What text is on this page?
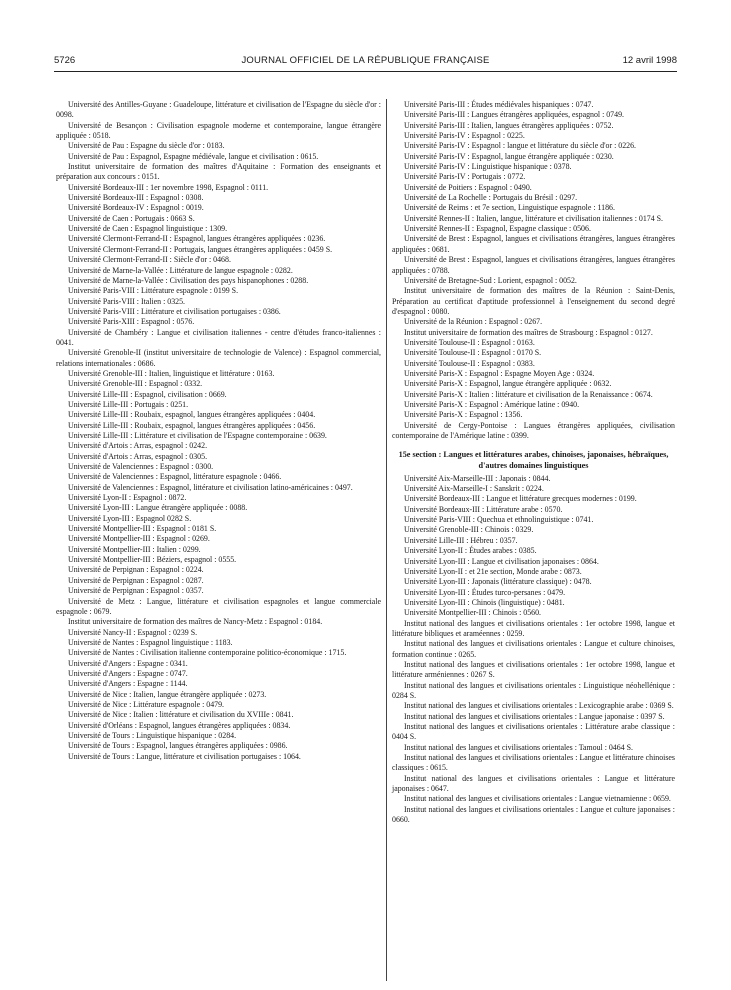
5726	JOURNAL OFFICIEL DE LA RÉPUBLIQUE FRANÇAISE	12 avril 1998

Université des Antilles-Guyane : Guadeloupe, littérature et civilisation de l'Espagne du siècle d'or : 0098.

Université de Besançon : Civilisation espagnole moderne et contemporaine, langue étrangère appliquée : 0518.

Université de Pau : Espagne du siècle d'or : 0183.

Université de Pau : Espagnol, Espagne médiévale, langue et civilisation : 0615.

Institut universitaire de formation des maîtres d'Aquitaine : Formation des enseignants et préparation aux concours : 0151.

Université Bordeaux-III : 1er novembre 1998, Espagnol : 0111.

Université Bordeaux-III : Espagnol : 0308.

Université Bordeaux-IV : Espagnol : 0019.

Université de Caen : Portugais : 0663 S.

Université de Caen : Espagnol linguistique : 1309.

Université Clermont-Ferrand-II : Espagnol, langues étrangères appliquées : 0236.

Université Clermont-Ferrand-II : Portugais, langues étrangères appliquées : 0459 S.

Université Clermont-Ferrand-II : Siècle d'or : 0468.

Université de Marne-la-Vallée : Littérature de langue espagnole : 0282.

Université de Marne-la-Vallée : Civilisation des pays hispanophones : 0288.

Université Paris-VIII : Littérature espagnole : 0199 S.

Université Paris-VIII : Italien : 0325.

Université Paris-VIII : Littérature et civilisation portugaises : 0386.

Université Paris-XIII : Espagnol : 0576.

Université de Chambéry : Langue et civilisation italiennes - centre d'études franco-italiennes : 0041.

Université Grenoble-II (institut universitaire de technologie de Valence) : Espagnol commercial, relations internationales : 0686.

Université Grenoble-III : Italien, linguistique et littérature : 0163.

Université Grenoble-III : Espagnol : 0332.

Université Lille-III : Espagnol, civilisation : 0669.

Université Lille-III : Portugais : 0251.

Université Lille-III : Roubaix, espagnol, langues étrangères appliquées : 0404.

Université Lille-III : Roubaix, espagnol, langues étrangères appliquées : 0456.

Université Lille-III : Littérature et civilisation de l'Espagne contemporaine : 0639.

Université d'Artois : Arras, espagnol : 0242.

Université d'Artois : Arras, espagnol : 0305.

Université de Valenciennes : Espagnol : 0300.

Université de Valenciennes : Espagnol, littérature espagnole : 0466.

Université de Valenciennes : Espagnol, littérature et civilisation latino-américaines : 0497.

Université Lyon-II : Espagnol : 0872.

Université Lyon-III : Langue étrangère appliquée : 0088.

Université Lyon-III : Espagnol 0282 S.

Université Montpellier-III : Espagnol : 0181 S.

Université Montpellier-III : Espagnol : 0269.

Université Montpellier-III : Italien : 0299.

Université Montpellier-III : Béziers, espagnol : 0555.

Université de Perpignan : Espagnol : 0224.

Université de Perpignan : Espagnol : 0287.

Université de Perpignan : Espagnol : 0357.

Université de Metz : Langue, littérature et civilisation espagnoles et langue commerciale espagnole : 0679.

Institut universitaire de formation des maîtres de Nancy-Metz : Espagnol : 0184.

Université Nancy-II : Espagnol : 0239 S.

Université de Nantes : Espagnol linguistique : 1183.

Université de Nantes : Civilisation italienne contemporaine politico-économique : 1715.

Université d'Angers : Espagne : 0341.

Université d'Angers : Espagne : 0747.

Université d'Angers : Espagne : 1144.

Université de Nice : Italien, langue étrangère appliquée : 0273.

Université de Nice : Littérature espagnole : 0479.

Université de Nice : Italien : littérature et civilisation du XVIIIe : 0841.

Université d'Orléans : Espagnol, langues étrangères appliquées : 0834.

Université de Tours : Linguistique hispanique : 0284.

Université de Tours : Espagnol, langues étrangères appliquées : 0986.

Université de Tours : Langue, littérature et civilisation portugaises : 1064.

Université Paris-III : Études médiévales hispaniques : 0747.

Université Paris-III : Langues étrangères appliquées, espagnol : 0749.

Université Paris-III : Italien, langues étrangères appliquées : 0752.

Université Paris-IV : Espagnol : 0225.

Université Paris-IV : Espagnol : langue et littérature du siècle d'or : 0226.

Université Paris-IV : Espagnol, langue étrangère appliquée : 0230.

Université Paris-IV : Linguistique hispanique : 0378.

Université Paris-IV : Portugais : 0772.

Université de Poitiers : Espagnol : 0490.

Université de La Rochelle : Portugais du Brésil : 0297.

Université de Reims : et 7e section, Linguistique espagnole : 1186.

Université Rennes-II : Italien, langue, littérature et civilisation italiennes : 0174 S.

Université Rennes-II : Espagnol, Espagne classique : 0506.

Université de Brest : Espagnol, langues et civilisations étrangères, langues étrangères appliquées : 0681.

Université de Brest : Espagnol, langues et civilisations étrangères, langues étrangères appliquées : 0788.

Université de Bretagne-Sud : Lorient, espagnol : 0052.

Institut universitaire de formation des maîtres de la Réunion : Saint-Denis, Préparation au certificat d'aptitude professionnel à l'enseignement du second degré d'espagnol : 0080.

Université de la Réunion : Espagnol : 0267.

Institut universitaire de formation des maîtres de Strasbourg : Espagnol : 0127.

Université Toulouse-II : Espagnol : 0163.

Université Toulouse-II : Espagnol : 0170 S.

Université Toulouse-II : Espagnol : 0383.

Université Paris-X : Espagnol : Espagne Moyen Age : 0324.

Université Paris-X : Espagnol, langue étrangère appliquée : 0632.

Université Paris-X : Italien : littérature et civilisation de la Renaissance : 0674.

Université Paris-X : Espagnol : Amérique latine : 0940.

Université Paris-X : Espagnol : 1356.

Université de Cergy-Pontoise : Langues étrangères appliquées, civilisation contemporaine de l'Amérique latine : 0399.

15e section : Langues et littératures arabes, chinoises, japonaises, hébraïques, d'autres domaines linguistiques

Université Aix-Marseille-III : Japonais : 0844.

Université Aix-Marseille-I : Sanskrit : 0224.

Université Bordeaux-III : Langue et littérature grecques modernes : 0199.

Université Bordeaux-III : Littérature arabe : 0570.

Université Paris-VIII : Quechua et ethnolinguistique : 0741.

Université Grenoble-III : Chinois : 0329.

Université Lille-III : Hébreu : 0357.

Université Lyon-II : Études arabes : 0385.

Université Lyon-III : Langue et civilisation japonaises : 0864.

Université Lyon-II : et 21e section, Monde arabe : 0873.

Université Lyon-III : Japonais (littérature classique) : 0478.

Université Lyon-III : Études turco-persanes : 0479.

Université Lyon-III : Chinois (linguistique) : 0481.

Université Montpellier-III : Chinois : 0560.

Institut national des langues et civilisations orientales : 1er octobre 1998, langue et littérature bibliques et araméennes : 0259.

Institut national des langues et civilisations orientales : Langue et culture chinoises, formation continue : 0265.

Institut national des langues et civilisations orientales : 1er octobre 1998, langue et littérature arméniennes : 0267 S.

Institut national des langues et civilisations orientales : Linguistique néohellénique : 0284 S.

Institut national des langues et civilisations orientales : Lexicographie arabe : 0369 S.

Institut national des langues et civilisations orientales : Langue japonaise : 0397 S.

Institut national des langues et civilisations orientales : Littérature arabe classique : 0404 S.

Institut national des langues et civilisations orientales : Tamoul : 0464 S.

Institut national des langues et civilisations orientales : Langue et littérature chinoises classiques : 0615.

Institut national des langues et civilisations orientales : Langue et littérature japonaises : 0647.

Institut national des langues et civilisations orientales : Langue vietnamienne : 0659.

Institut national des langues et civilisations orientales : Langue et culture japonaises : 0660.
